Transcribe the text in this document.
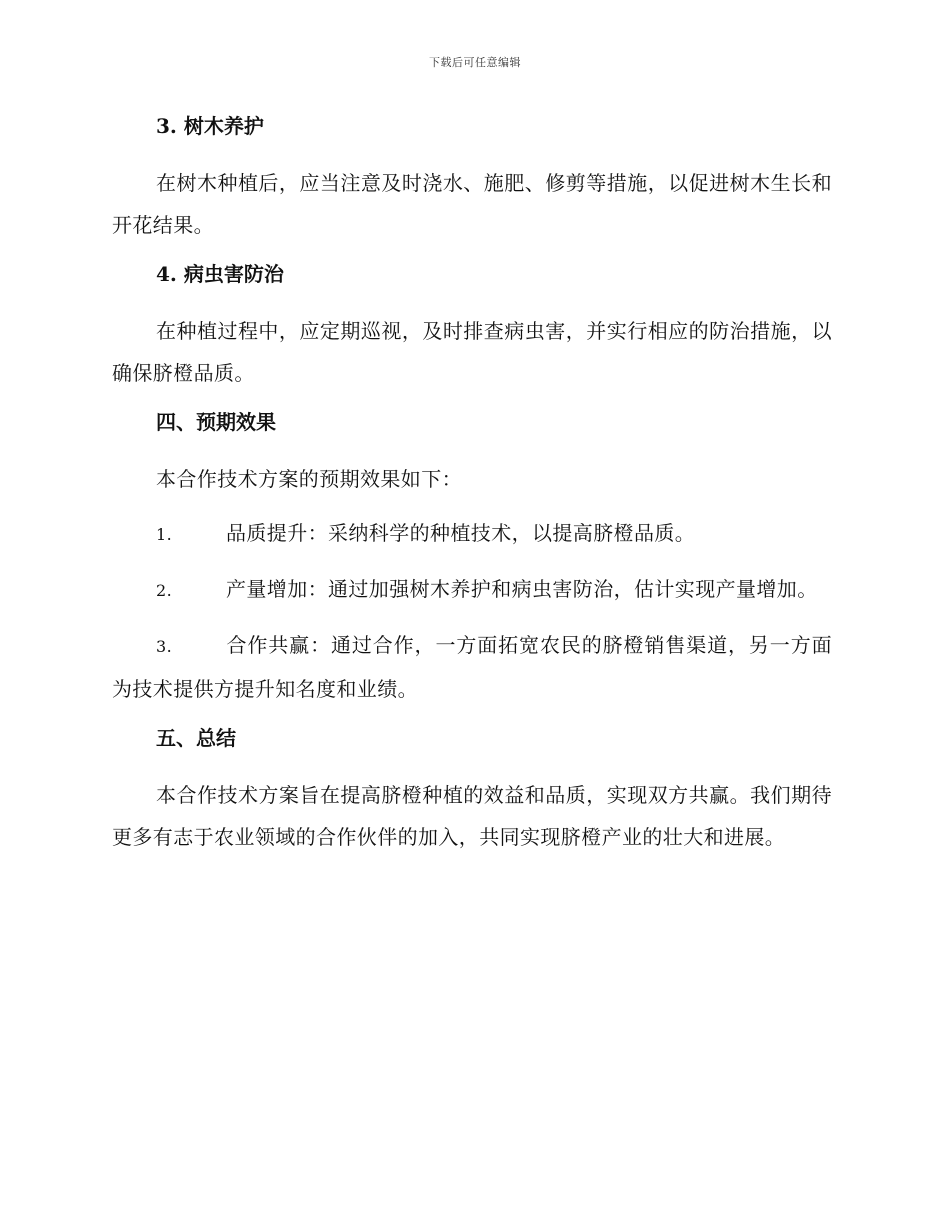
下载后可任意编辑
3. 树木养护

在树木种植后，应当注意及时浇水、施肥、修剪等措施，以促进树木生长和开花结果。

4. 病虫害防治

在种植过程中，应定期巡视，及时排查病虫害，并实行相应的防治措施，以确保脐橙品质。

四、预期效果

本合作技术方案的预期效果如下：

1.	品质提升：采纳科学的种植技术，以提高脐橙品质。

2.	产量增加：通过加强树木养护和病虫害防治，估计实现产量增加。

3.	合作共赢：通过合作，一方面拓宽农民的脐橙销售渠道，另一方面为技术提供方提升知名度和业绩。

五、总结

本合作技术方案旨在提高脐橙种植的效益和品质，实现双方共赢。我们期待更多有志于农业领域的合作伙伴的加入，共同实现脐橙产业的壮大和进展。
